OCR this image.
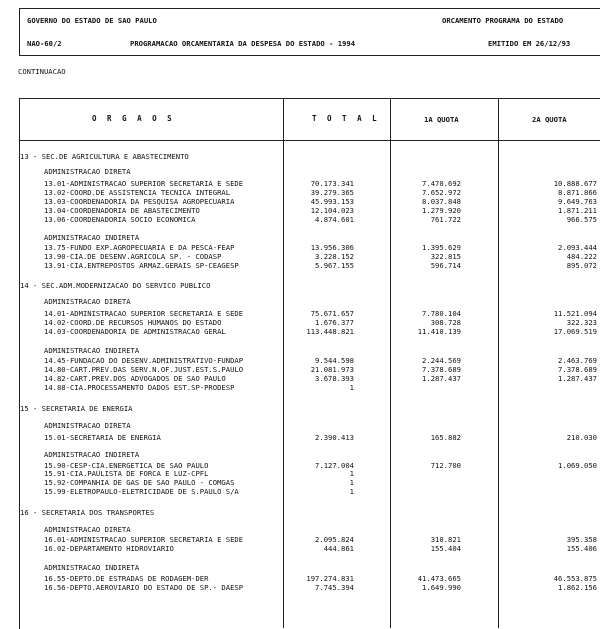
GOVERNO DO ESTADO DE SAO PAULO	ORCAMENTO PROGRAMA DO ESTADO
NAO-60/2	PROGRAMACAO ORCAMENTARIA DA DESPESA DO ESTADO - 1994	EMITIDO EM 26/12/93
CONTINUACAO
O R G A O S	T O T A L	1A QUOTA	2A QUOTA
13 - SEC.DE AGRICULTURA E ABASTECIMENTO
ADMINISTRACAO DIRETA
13.01-ADMINISTRACAO SUPERIOR SECRETARIA E SEDE	70.173.341	7.470.692	10.888.677
13.02-COORD.DE ASSISTENCIA TECNICA INTEGRAL	39.279.365	7.652.972	8.871.866
13.03-COORDENADORIA DA PESQUISA AGROPECUARIA	45.993.153	8.037.848	9.649.763
13.04-COORDENADORIA DE ABASTECIMENTO	12.104.023	1.279.920	1.871.211
13.06-COORDENADORIA SOCIO ECONOMICA	4.874.601	761.722	966.575
ADMINISTRACAO INDIRETA
13.75-FUNDO EXP.AGROPECUARIA E DA PESCA-FEAP	13.956.306	1.395.629	2.093.444
13.90-CIA.DE DESENV.AGRICOLA SP. - CODASP	3.228.152	322.815	484.222
13.91-CIA.ENTREPOSTOS ARMAZ.GERAIS SP-CEAGESP	5.967.155	596.714	895.072
14 - SEC.ADM.MODERNIZACAO DO SERVICO PUBLICO
ADMINISTRACAO DIRETA
14.01-ADMINISTRACAO SUPERIOR SECRETARIA E SEDE	75.671.657	7.780.104	11.521.094
14.02-COORD.DE RECURSOS HUMANOS DO ESTADO	1.676.377	308.728	322.323
14.03-COORDENADORIA DE ADMINISTRACAO GERAL	113.448.821	11.410.139	17.069.519
ADMINISTRACAO INDIRETA
14.45-FUNDACAO DO DESENV.ADMINISTRATIVO-FUNDAP	9.544.598	2.244.569	2.463.769
14.80-CART.PREV.DAS SERV.N.OF.JUST.EST.S.PAULO	21.081.973	7.378.689	7.378.689
14.82-CART.PREV.DOS ADVOGADOS DE SAO PAULO	3.678.393	1.287.437	1.287.437
14.88-CIA.PROCESSAMENTO DADOS EST.SP-PRODESP	1
15 - SECRETARIA DE ENERGIA
ADMINISTRACAO DIRETA
15.01-SECRETARIA DE ENERGIA	2.390.413	165.882	210.030
ADMINISTRACAO INDIRETA
15.90-CESP-CIA.ENERGETICA DE SAO PAULO	7.127.004	712.700	1.069.050
15.91-CIA.PAULISTA DE FORCA E LUZ-CPFL	1
15.92-COMPANHIA DE GAS DE SAO PAULO - COMGAS	1
15.99-ELETROPAULO-ELETRICIDADE DE S.PAULO S/A	1
16 - SECRETARIA DOS TRANSPORTES
ADMINISTRACAO DIRETA
16.01-ADMINISTRACAO SUPERIOR SECRETARIA E SEDE	2.095.824	310.821	395.358
16.02-DEPARTAMENTO HIDROVIARIO	444.861	155.404	155.406
ADMINISTRACAO INDIRETA
16.55-DEPTO.DE ESTRADAS DE RODAGEM-DER	197.274.831	41.473.665	46.553.875
16.56-DEPTO.AEROVIARIO DO ESTADO DE SP.- DAESP	7.745.394	1.649.990	1.862.156
